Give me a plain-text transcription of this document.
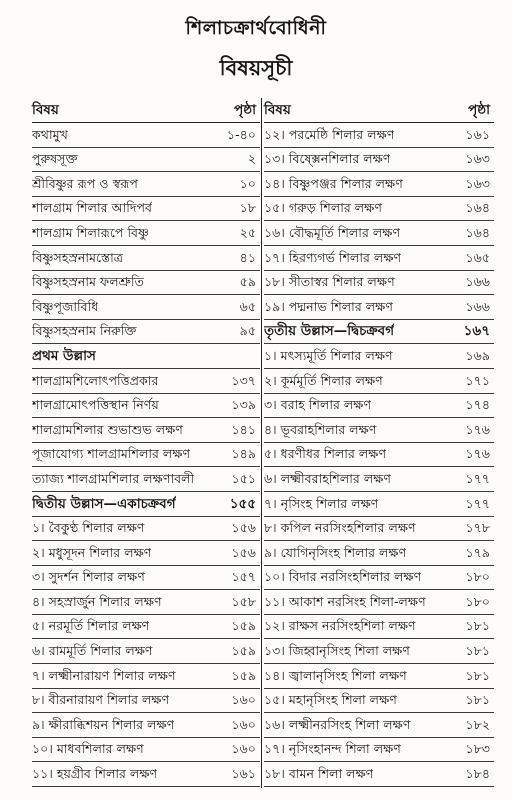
শিলাচক্রার্থবোধিনী
বিষয়সূচী
বিষয়	পৃষ্ঠা
কথামুখ	১-৪০
পুরুষসূক্ত	২
শ্রীবিষ্ণুর রূপ ও স্বরূপ	১০
শালগ্রাম শিলার আদিপর্ব	১৮
শালগ্রাম শিলারূপে বিষ্ণু	২৫
বিষ্ণুসহস্রনামস্তোত্র	৪১
বিষ্ণুসহস্রনাম ফলশ্রুতি	৫৯
বিষ্ণুপূজাবিধি	৬৫
বিষ্ণুসহস্রনাম নিরুক্তি	৯৫
প্রথম উল্লাস
শালগ্রামশিলোৎপত্তিপ্রকার	১৩৭
শালগ্রামোৎপত্তিস্থান নির্ণয়	১৩৯
শালগ্রামশিলার শুভাশুভ লক্ষণ	১৪১
পূজাযোগ্য শালগ্রামশিলার লক্ষণ	১৪৯
ত্যাজ্য শালগ্রামশিলার লক্ষণাবলী	১৫১
দ্বিতীয় উল্লাস—একাচক্রবর্গ	১৫৫
১। বৈকুণ্ঠ শিলার লক্ষণ	১৫৬
২। মধুসূদন শিলার লক্ষণ	১৫৬
৩। সুদর্শন শিলার লক্ষণ	১৫৭
৪। সহস্রার্জুন শিলার লক্ষণ	১৫৮
৫। নরমূর্তি শিলার লক্ষণ	১৫৯
৬। রামমূর্তি শিলার লক্ষণ	১৫৯
৭। লক্ষ্মীনারায়ণ শিলার লক্ষণ	১৫৯
৮। বীরনারায়ণ শিলার লক্ষণ	১৬০
৯। ক্ষীরাব্ধিশয়ন শিলার লক্ষণ	১৬০
১০। মাধবশিলার লক্ষণ	১৬০
১১। হয়গ্রীব শিলার লক্ষণ	১৬১
বিষয়	পৃষ্ঠা
১২। পরমেষ্ঠি শিলার লক্ষণ	১৬১
১৩। বিষ্ক্সেনশিলার লক্ষণ	১৬৩
১৪। বিষ্ণুপঞ্জর শিলার লক্ষণ	১৬৩
১৫। গরুড় শিলার লক্ষণ	১৬৪
১৬। বৌদ্ধমূর্তি শিলার লক্ষণ	১৬৪
১৭। হিরণ্যগর্ভ শিলার লক্ষণ	১৬৫
১৮। সীতাস্বর শিলার লক্ষণ	১৬৬
১৯। পদ্মনাভ শিলার লক্ষণ	১৬৬
তৃতীয় উল্লাস—দ্বিচক্রবর্গ	১৬৭
১। মৎস্যমূর্তি শিলার লক্ষণ	১৬৯
২। কূর্মমূর্তি শিলার লক্ষণ	১৭১
৩। বরাহ শিলার লক্ষণ	১৭৪
৪। ভূবরাহশিলার লক্ষণ	১৭৬
৫। ধরণীধর শিলার লক্ষণ	১৭৬
৬। লক্ষ্মীবরাহশিলার লক্ষণ	১৭৭
৭। নৃসিংহ শিলার লক্ষণ	১৭৭
৮। কপিল নরসিংহশিলার লক্ষণ	১৭৮
৯। যোগিনৃসিংহ শিলার লক্ষণ	১৭৯
১০। বিদার নরসিংহশিলার লক্ষণ	১৮০
১১। আকাশ নরসিংহ শিলা-লক্ষণ	১৮০
১২। রাক্ষস নরসিংহশিলা লক্ষণ	১৮১
১৩। জিহ্বানৃসিংহ শিলা লক্ষণ	১৮১
১৪। জ্বালানৃসিংহ শিলা লক্ষণ	১৮১
১৫। মহানৃসিংহ শিলা লক্ষণ	১৮১
১৬। লক্ষ্মীনরসিংহ শিলা লক্ষণ	১৮২
১৭। নৃসিংহানন্দ শিলা লক্ষণ	১৮৩
১৮। বামন শিলা লক্ষণ	১৮৪
